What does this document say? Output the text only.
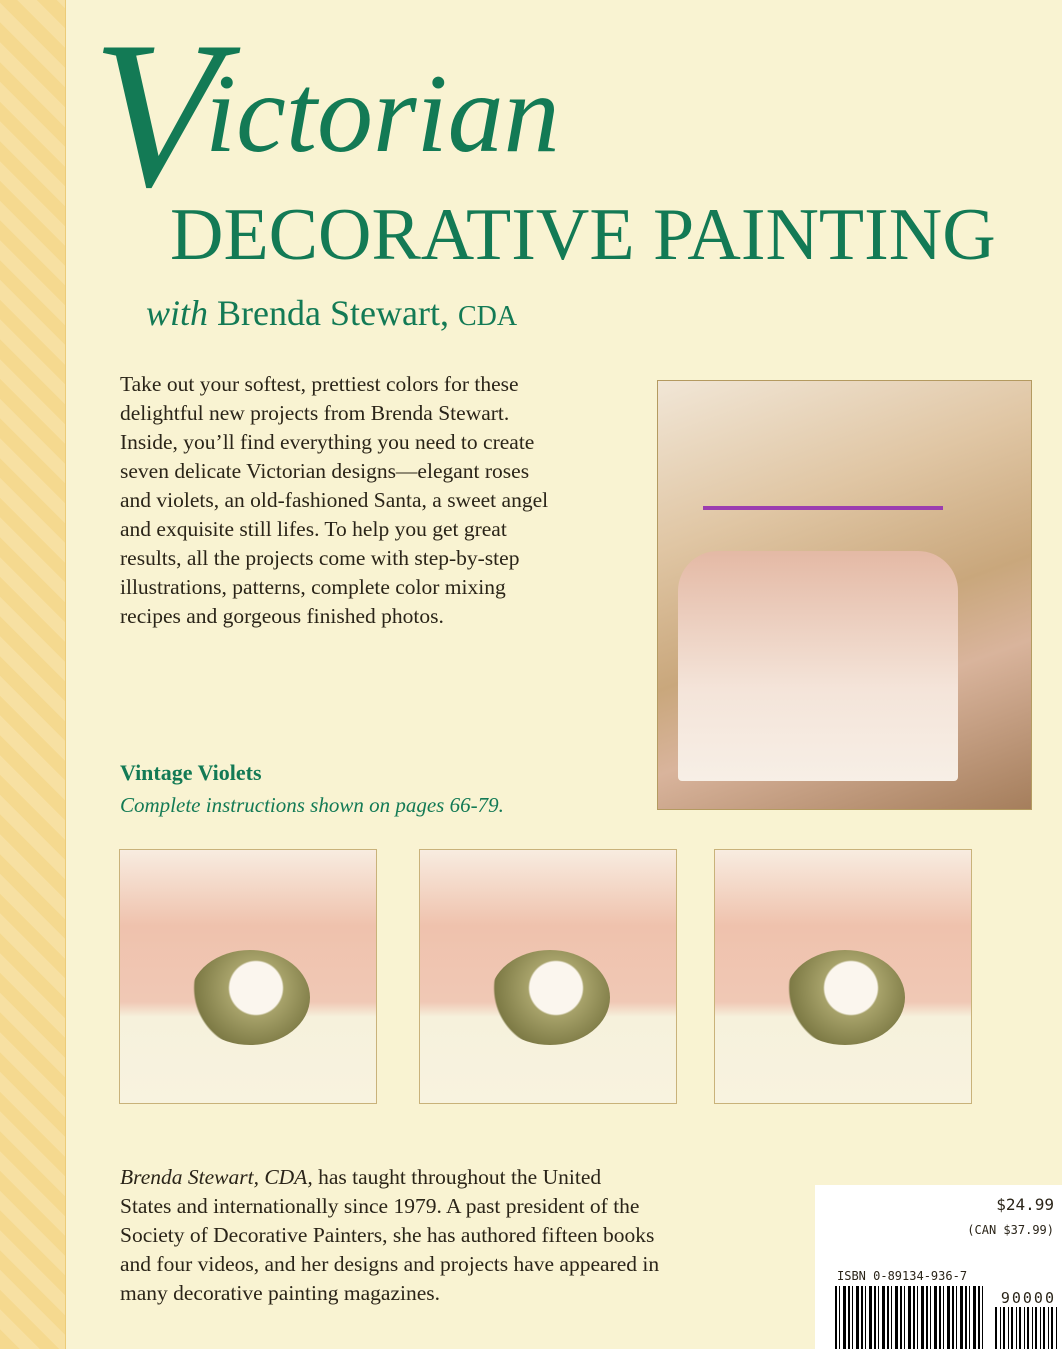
V
ictorian
DECORATIVE PAINTING
with Brenda Stewart, CDA
Take out your softest, prettiest colors for these
delightful new projects from Brenda Stewart.
Inside, you’ll find everything you need to create
seven delicate Victorian designs—elegant roses
and violets, an old-fashioned Santa, a sweet angel
and exquisite still lifes. To help you get great
results, all the projects come with step-by-step
illustrations, patterns, complete color mixing
recipes and gorgeous finished photos.
Vintage Violets
Complete instructions shown on pages 66-79.
Brenda Stewart, CDA, has taught throughout the United
States and internationally since 1979. A past president of the
Society of Decorative Painters, she has authored fifteen books
and four videos, and her designs and projects have appeared in
many decorative painting magazines.
$24.99
(CAN $37.99)
ISBN 0-89134-936-7
90000
